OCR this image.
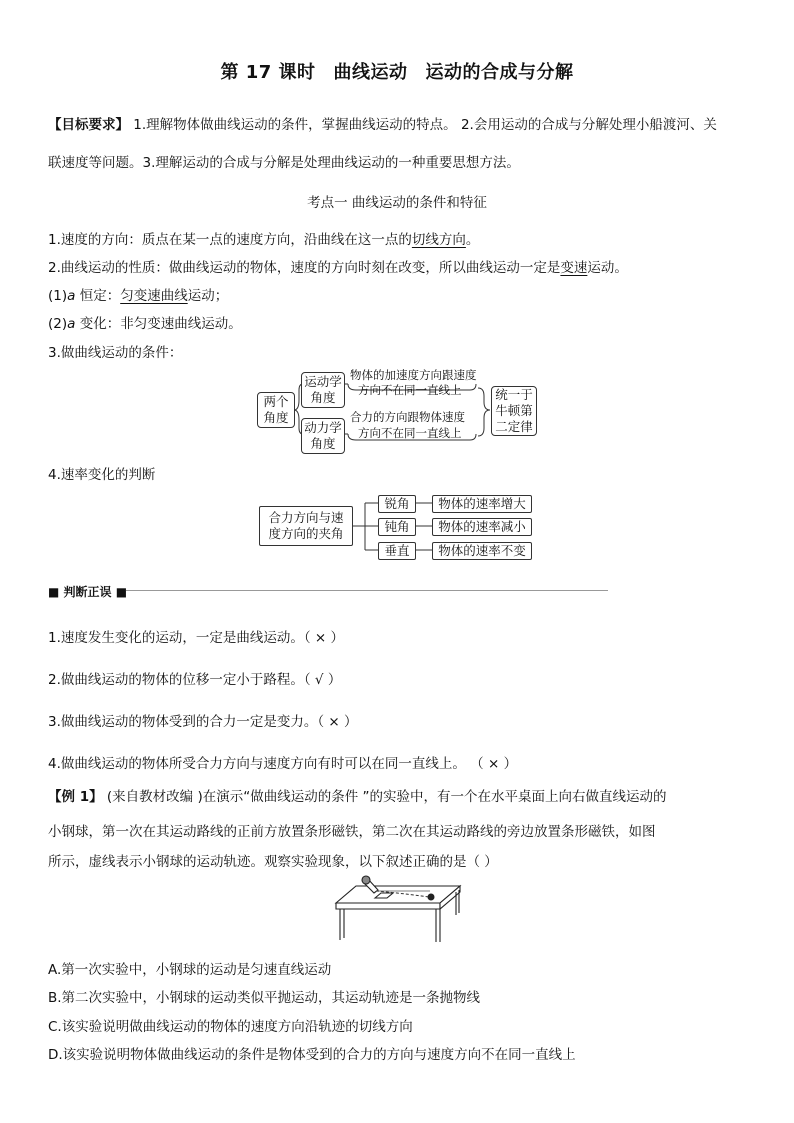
第 17 课时 曲线运动 运动的合成与分解
【目标要求】 1.理解物体做曲线运动的条件，掌握曲线运动的特点。 2.会用运动的合成与分解处理小船渡河、关
联速度等问题。3.理解运动的合成与分解是处理曲线运动的一种重要思想方法。
考点一 曲线运动的条件和特征
1.速度的方向：质点在某一点的速度方向，沿曲线在这一点的切线方向。
2.曲线运动的性质：做曲线运动的物体，速度的方向时刻在改变，所以曲线运动一定是变速运动。
(1)a 恒定：匀变速曲线运动；
(2)a 变化：非匀变速曲线运动。
3.做曲线运动的条件：
两个
角度
运动学
角度
动力学
角度
物体的加速度方向跟速度
方向不在同一直线上
合力的方向跟物体速度
方向不在同一直线上
统一于
牛顿第
二定律
4.速率变化的判断
合力方向与速
度方向的夹角
锐角
钝角
垂直
物体的速率增大
物体的速率减小
物体的速率不变
■ 判断正误 ■
1.速度发生变化的运动，一定是曲线运动。（ × ）
2.做曲线运动的物体的位移一定小于路程。（ √ ）
3.做曲线运动的物体受到的合力一定是变力。（ × ）
4.做曲线运动的物体所受合力方向与速度方向有时可以在同一直线上。 （ × ）
【例 1】 (来自教材改编 )在演示“做曲线运动的条件 ”的实验中，有一个在水平桌面上向右做直线运动的
小钢球，第一次在其运动路线的正前方放置条形磁铁，第二次在其运动路线的旁边放置条形磁铁，如图
所示，虚线表示小钢球的运动轨迹。观察实验现象，以下叙述正确的是（ ）
A.第一次实验中，小钢球的运动是匀速直线运动
B.第二次实验中，小钢球的运动类似平抛运动，其运动轨迹是一条抛物线
C.该实验说明做曲线运动的物体的速度方向沿轨迹的切线方向
D.该实验说明物体做曲线运动的条件是物体受到的合力的方向与速度方向不在同一直线上
